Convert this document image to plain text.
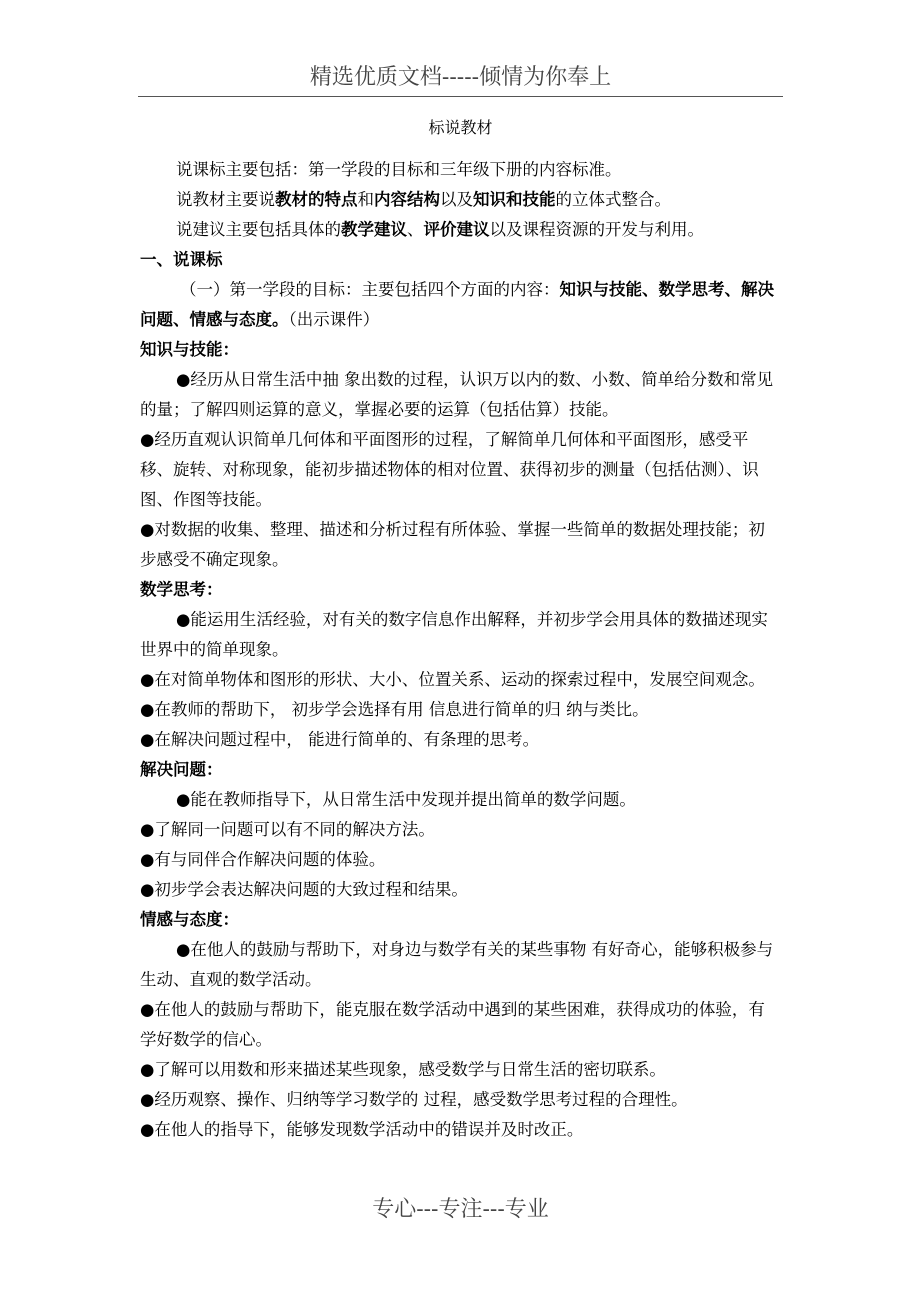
精选优质文档-----倾情为你奉上
标说教材

说课标主要包括：第一学段的目标和三年级下册的内容标准。

说教材主要说教材的特点和内容结构以及知识和技能的立体式整合。

说建议主要包括具体的教学建议、评价建议以及课程资源的开发与利用。

一、说课标

（一）第一学段的目标：主要包括四个方面的内容：知识与技能、数学思考、解决问题、情感与态度。（出示课件）

知识与技能：

●经历从日常生活中抽 象出数的过程，认识万以内的数、小数、简单给分数和常见的量；了解四则运算的意义，掌握必要的运算（包括估算）技能。

●经历直观认识简单几何体和平面图形的过程，了解简单几何体和平面图形，感受平移、旋转、对称现象，能初步描述物体的相对位置、获得初步的测量（包括估测）、识图、作图等技能。

●对数据的收集、整理、描述和分析过程有所体验、掌握一些简单的数据处理技能；初步感受不确定现象。

数学思考：

●能运用生活经验，对有关的数字信息作出解释，并初步学会用具体的数描述现实世界中的简单现象。

●在对简单物体和图形的形状、大小、位置关系、运动的探索过程中，发展空间观念。

●在教师的帮助下， 初步学会选择有用 信息进行简单的归 纳与类比。

●在解决问题过程中， 能进行简单的、有条理的思考。

解决问题：

●能在教师指导下，从日常生活中发现并提出简单的数学问题。

●了解同一问题可以有不同的解决方法。

●有与同伴合作解决问题的体验。

●初步学会表达解决问题的大致过程和结果。

情感与态度：

●在他人的鼓励与帮助下，对身边与数学有关的某些事物 有好奇心，能够积极参与生动、直观的数学活动。

●在他人的鼓励与帮助下，能克服在数学活动中遇到的某些困难，获得成功的体验，有学好数学的信心。

●了解可以用数和形来描述某些现象，感受数学与日常生活的密切联系。

●经历观察、操作、归纳等学习数学的 过程，感受数学思考过程的合理性。

●在他人的指导下，能够发现数学活动中的错误并及时改正。

专心---专注---专业
